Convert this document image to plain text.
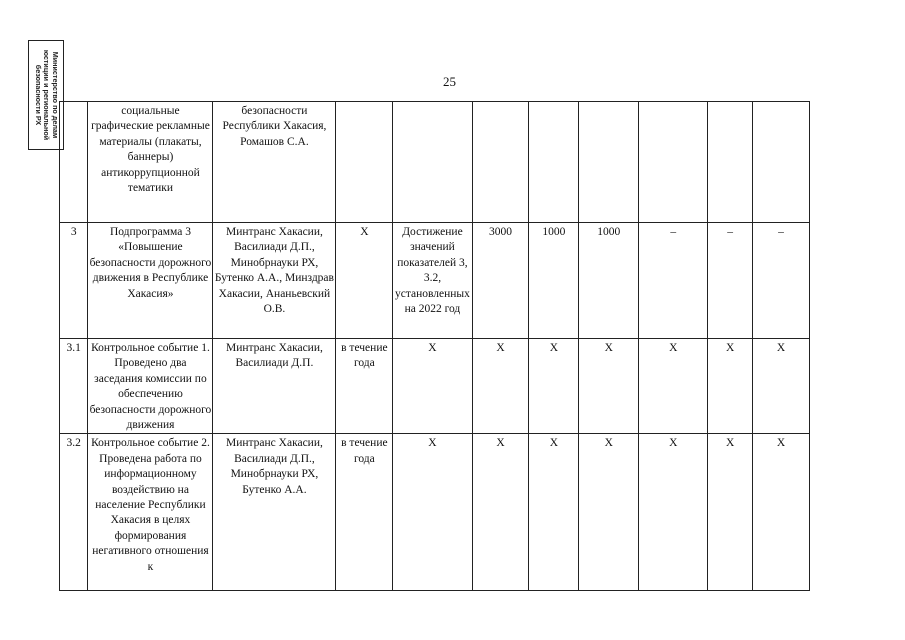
Министерство по делам юстиции и региональной безопасности РХ	25
	социальные графические рекламные материалы (плакаты, баннеры) антикоррупционной тематики	безопасности Республики Хакасия, Ромашов С.А.								
3	Подпрограмма 3 «Повышение безопасности дорожного движения в Республике Хакасия»	Минтранс Хакасии, Василиади Д.П., Минобрнауки РХ, Бутенко А.А., Минздрав Хакасии, Ананьевский О.В.	Х	Достижение значений показателей 3, 3.2, установленных на 2022 год	3000	1000	1000	–	–	–
3.1	Контрольное событие 1. Проведено два заседания комиссии по обеспечению безопасности дорожного движения	Минтранс Хакасии, Василиади Д.П.	в течение года	Х	Х	Х	Х	Х	Х	Х
3.2	Контрольное событие 2. Проведена работа по информационному воздействию на население Республики Хакасия в целях формирования негативного отношения к	Минтранс Хакасии, Василиади Д.П., Минобрнауки РХ, Бутенко А.А.	в течение года	Х	Х	Х	Х	Х	Х	Х
